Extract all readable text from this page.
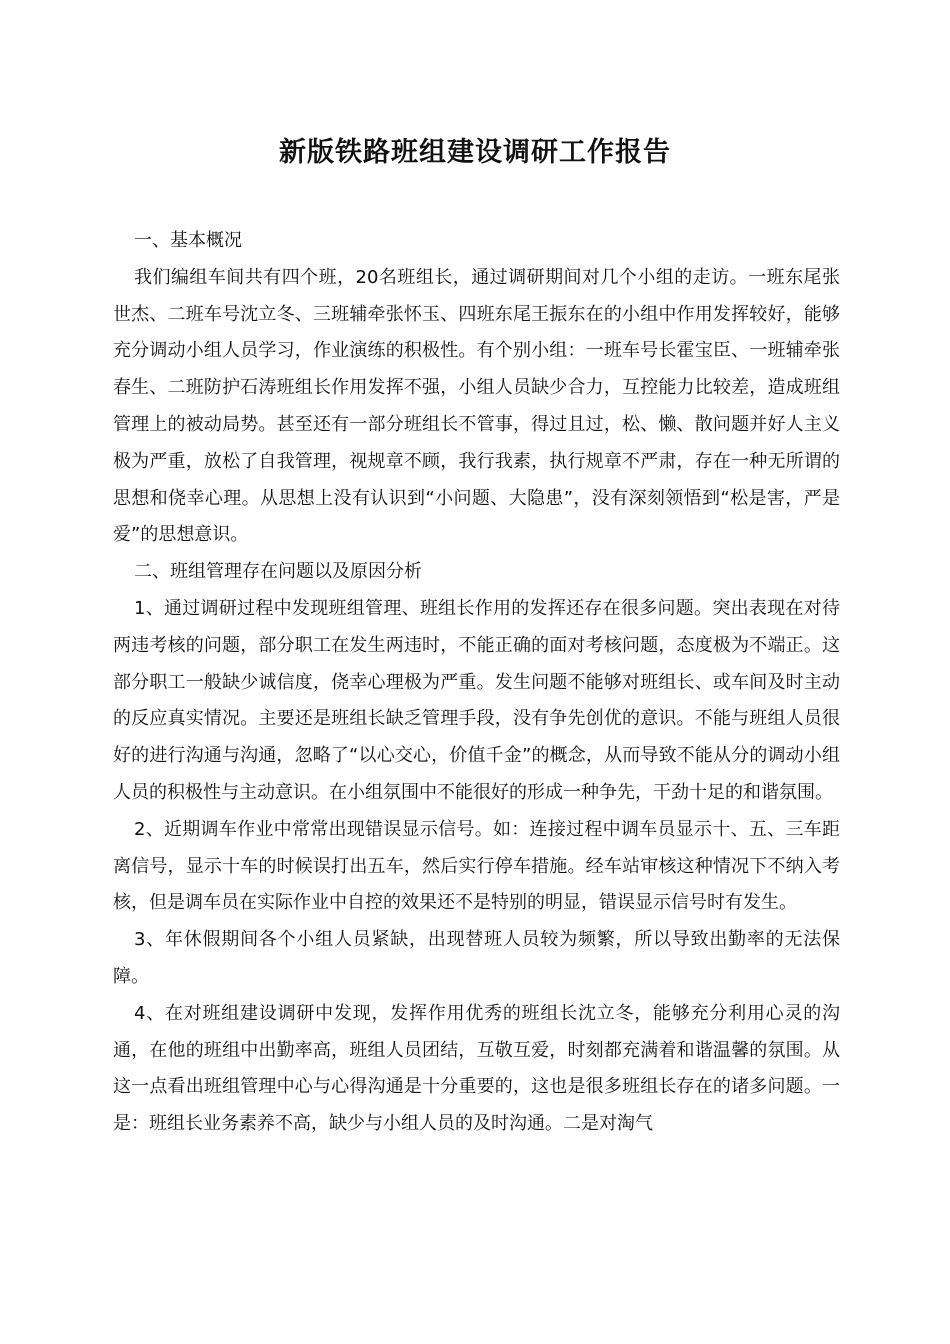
新版铁路班组建设调研工作报告

一、基本概况

我们编组车间共有四个班，20名班组长，通过调研期间对几个小组的走访。一班东尾张世杰、二班车号沈立冬、三班辅牵张怀玉、四班东尾王振东在的小组中作用发挥较好，能够充分调动小组人员学习，作业演练的积极性。有个别小组：一班车号长霍宝臣、一班辅牵张春生、二班防护石涛班组长作用发挥不强，小组人员缺少合力，互控能力比较差，造成班组管理上的被动局势。甚至还有一部分班组长不管事，得过且过，松、懒、散问题并好人主义极为严重，放松了自我管理，视规章不顾，我行我素，执行规章不严肃，存在一种无所谓的思想和侥幸心理。从思想上没有认识到“小问题、大隐患”，没有深刻领悟到“松是害，严是爱”的思想意识。

二、班组管理存在问题以及原因分析

1、通过调研过程中发现班组管理、班组长作用的发挥还存在很多问题。突出表现在对待两违考核的问题，部分职工在发生两违时，不能正确的面对考核问题，态度极为不端正。这部分职工一般缺少诚信度，侥幸心理极为严重。发生问题不能够对班组长、或车间及时主动的反应真实情况。主要还是班组长缺乏管理手段，没有争先创优的意识。不能与班组人员很好的进行沟通与沟通，忽略了“以心交心，价值千金”的概念，从而导致不能从分的调动小组人员的积极性与主动意识。在小组氛围中不能很好的形成一种争先，干劲十足的和谐氛围。

2、近期调车作业中常常出现错误显示信号。如：连接过程中调车员显示十、五、三车距离信号，显示十车的时候误打出五车，然后实行停车措施。经车站审核这种情况下不纳入考核，但是调车员在实际作业中自控的效果还不是特别的明显，错误显示信号时有发生。

3、年休假期间各个小组人员紧缺，出现替班人员较为频繁，所以导致出勤率的无法保障。

4、在对班组建设调研中发现，发挥作用优秀的班组长沈立冬，能够充分利用心灵的沟通，在他的班组中出勤率高，班组人员团结，互敬互爱，时刻都充满着和谐温馨的氛围。从这一点看出班组管理中心与心得沟通是十分重要的，这也是很多班组长存在的诸多问题。一是：班组长业务素养不高，缺少与小组人员的及时沟通。二是对淘气
